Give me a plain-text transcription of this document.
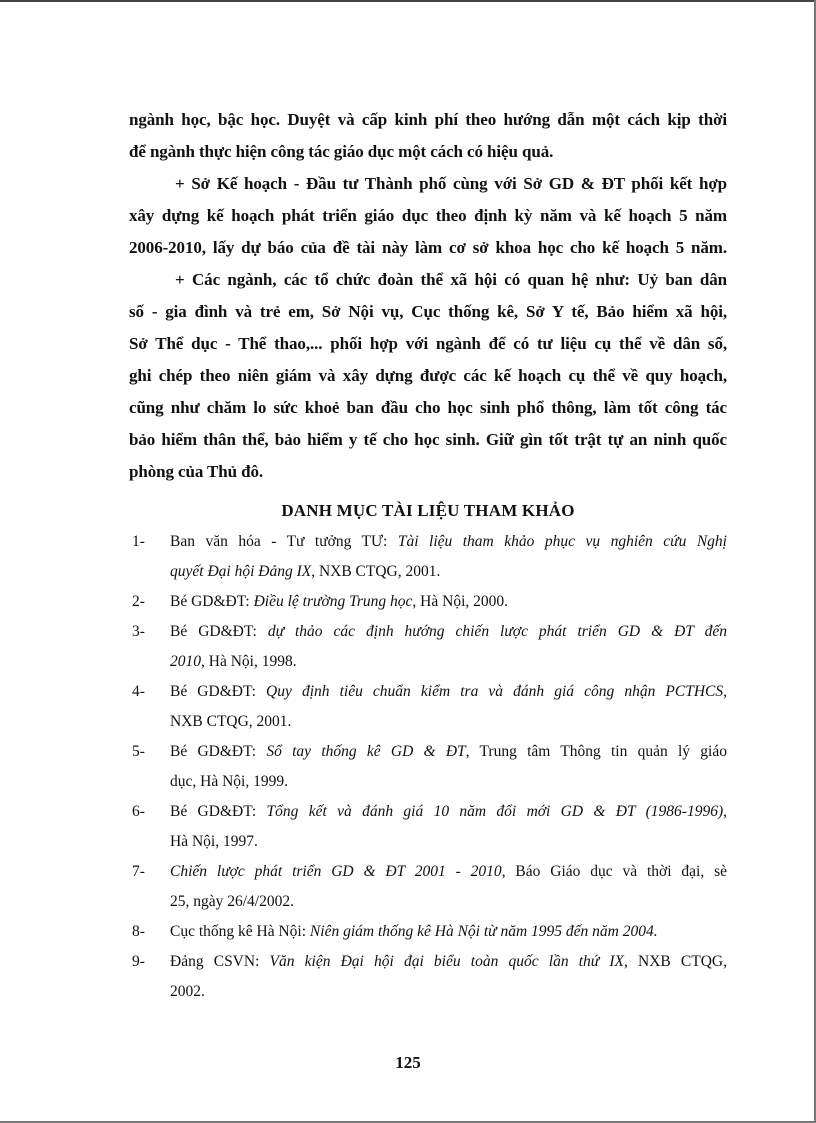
ngành học, bậc học. Duyệt và cấp kinh phí theo hướng dẫn một cách kịp thời
để ngành thực hiện công tác giáo dục một cách có hiệu quả.
+ Sở Kế hoạch - Đầu tư Thành phố cùng với Sở GD & ĐT phối kết hợp
xây dựng kế hoạch phát triển giáo dục theo định kỳ năm và kế hoạch 5 năm
2006-2010, lấy dự báo của đề tài này làm cơ sở khoa học cho kế hoạch 5 năm.
+ Các ngành, các tổ chức đoàn thể xã hội có quan hệ như: Uỷ ban dân
số - gia đình và trẻ em, Sở Nội vụ, Cục thống kê, Sở Y tế, Bảo hiểm xã hội,
Sở Thể dục - Thể thao,... phối hợp với ngành để có tư liệu cụ thể về dân số,
ghi chép theo niên giám và xây dựng được các kế hoạch cụ thể về quy hoạch,
cũng như chăm lo sức khoẻ ban đầu cho học sinh phổ thông, làm tốt công tác
bảo hiểm thân thể, bảo hiểm y tế cho học sinh. Giữ gìn tốt trật tự an ninh quốc
phòng của Thủ đô.
DANH MỤC TÀI LIỆU THAM KHẢO
1-	Ban văn hóa - Tư tưởng TƯ: Tài liệu tham khảo phục vụ nghiên cứu Nghị
quyết Đại hội Đảng IX, NXB CTQG, 2001.
2-	Bé GD&ĐT: Điều lệ trường Trung học, Hà Nội, 2000.
3-	Bé GD&ĐT: dự thảo các định hướng chiến lược phát triển GD & ĐT đến
2010, Hà Nội, 1998.
4-	Bé GD&ĐT: Quy định tiêu chuẩn kiểm tra và đánh giá công nhận PCTHCS,
NXB CTQG, 2001.
5-	Bé GD&ĐT: Sổ tay thống kê GD & ĐT, Trung tâm Thông tin quản lý giáo
dục, Hà Nội, 1999.
6-	Bé GD&ĐT: Tổng kết và đánh giá 10 năm đổi mới GD & ĐT (1986-1996),
Hà Nội, 1997.
7-	Chiến lược phát triển GD & ĐT 2001 - 2010, Báo Giáo dục và thời đại, sè
25, ngày 26/4/2002.
8-	Cục thống kê Hà Nội: Niên giám thống kê Hà Nội từ năm 1995 đến năm 2004.
9-	Đảng CSVN: Văn kiện Đại hội đại biểu toàn quốc lần thứ IX, NXB CTQG,
2002.
125
